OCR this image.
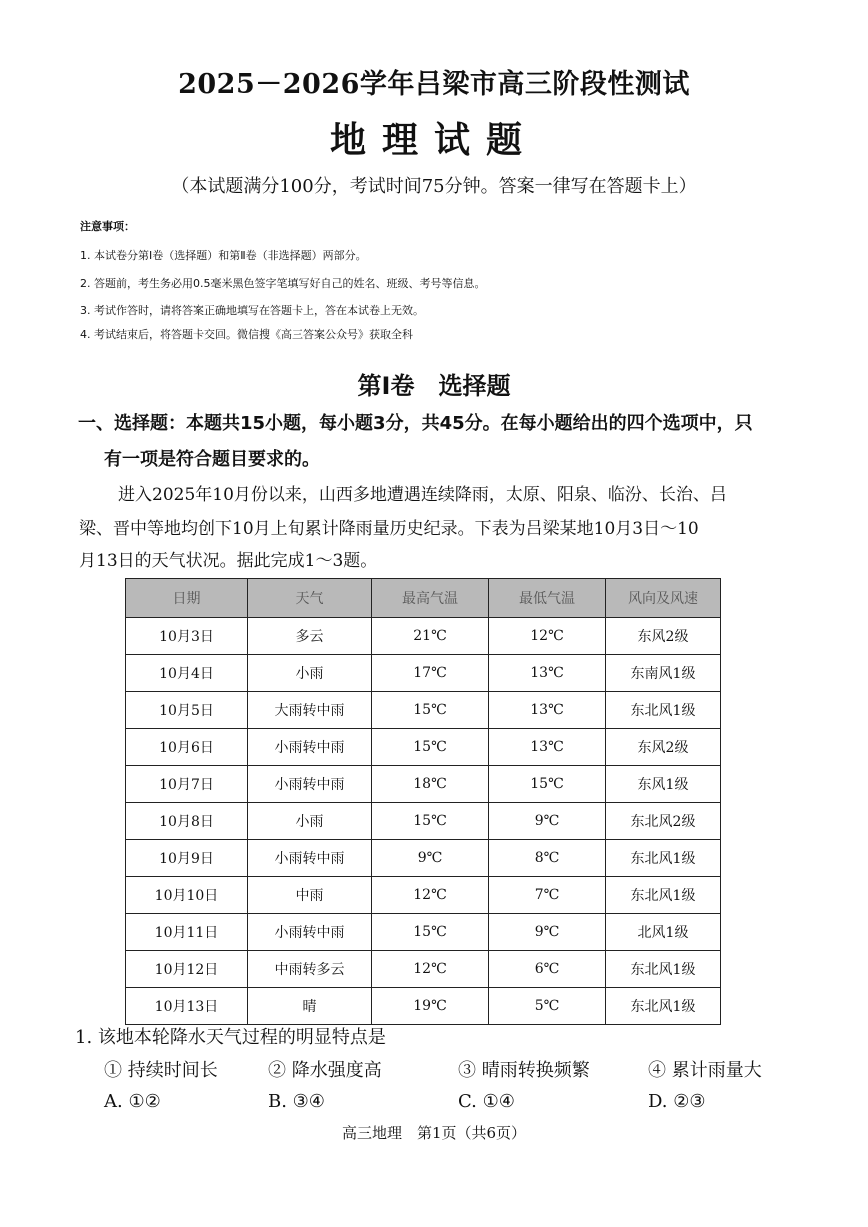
2025－2026学年吕梁市高三阶段性测试
地理试题
（本试题满分100分，考试时间75分钟。答案一律写在答题卡上）
注意事项：
1. 本试卷分第Ⅰ卷（选择题）和第Ⅱ卷（非选择题）两部分。
2. 答题前，考生务必用0.5毫米黑色签字笔填写好自己的姓名、班级、考号等信息。
3. 考试作答时，请将答案正确地填写在答题卡上，答在本试卷上无效。
4. 考试结束后，将答题卡交回。微信搜《高三答案公众号》获取全科
第Ⅰ卷　选择题
一、选择题：本题共15小题，每小题3分，共45分。在每小题给出的四个选项中，只
有一项是符合题目要求的。
进入2025年10月份以来，山西多地遭遇连续降雨，太原、阳泉、临汾、长治、吕
梁、晋中等地均创下10月上旬累计降雨量历史纪录。下表为吕梁某地10月3日～10
月13日的天气状况。据此完成1～3题。
日期	天气	最高气温	最低气温	风向及风速
10月3日	多云	21℃	12℃	东风2级
10月4日	小雨	17℃	13℃	东南风1级
10月5日	大雨转中雨	15℃	13℃	东北风1级
10月6日	小雨转中雨	15℃	13℃	东风2级
10月7日	小雨转中雨	18℃	15℃	东风1级
10月8日	小雨	15℃	9℃	东北风2级
10月9日	小雨转中雨	9℃	8℃	东北风1级
10月10日	中雨	12℃	7℃	东北风1级
10月11日	小雨转中雨	15℃	9℃	北风1级
10月12日	中雨转多云	12℃	6℃	东北风1级
10月13日	晴	19℃	5℃	东北风1级
1. 该地本轮降水天气过程的明显特点是
① 持续时间长	② 降水强度高	③ 晴雨转换频繁	④ 累计雨量大
A. ①②	B. ③④	C. ①④	D. ②③
高三地理　第1页（共6页）
